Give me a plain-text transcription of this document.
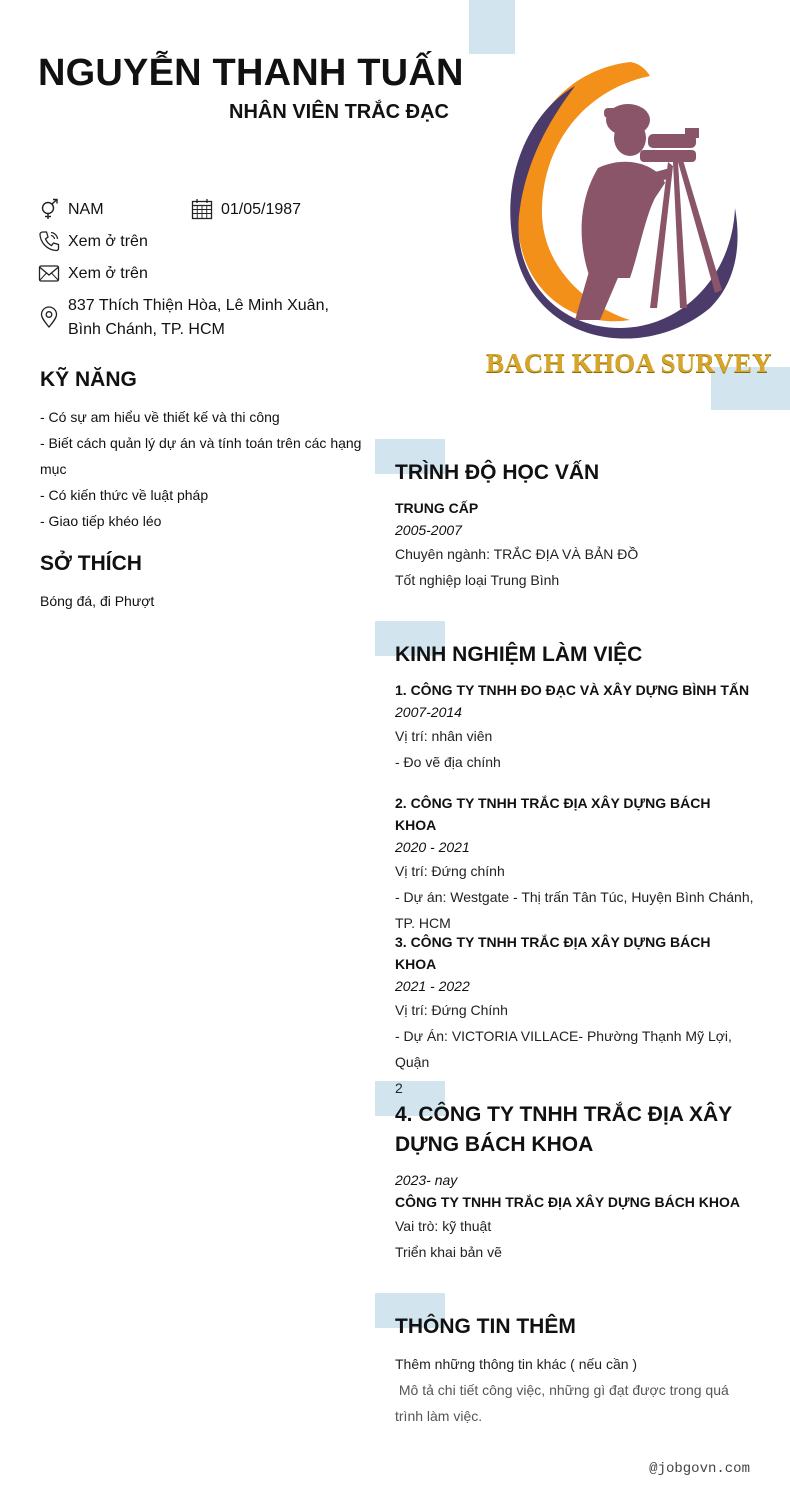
NGUYỄN THANH TUẤN
NHÂN VIÊN TRẮC ĐẠC
BACH KHOA SURVEY
NAM	01/05/1987
Xem ở trên
Xem ở trên
837 Thích Thiện Hòa, Lê Minh Xuân,
Bình Chánh, TP. HCM
KỸ NĂNG
- Có sự am hiểu về thiết kế và thi công
- Biết cách quản lý dự án và tính toán trên các hạng
mục
- Có kiến thức về luật pháp
- Giao tiếp khéo léo
SỞ THÍCH
Bóng đá, đi Phượt
TRÌNH ĐỘ HỌC VẤN
TRUNG CẤP
2005-2007
Chuyên ngành: TRẮC ĐỊA VÀ BẢN ĐỒ
Tốt nghiệp loại Trung Bình
KINH NGHIỆM LÀM VIỆC
1. CÔNG TY TNHH ĐO ĐẠC VÀ XÂY DỰNG BÌNH TẤN
2007-2014
Vị trí: nhân viên
- Đo vẽ địa chính
2. CÔNG TY TNHH TRẮC ĐỊA XÂY DỰNG BÁCH KHOA
2020 - 2021
Vị trí: Đứng chính
- Dự án: Westgate - Thị trấn Tân Túc, Huyện Bình Chánh,
TP. HCM
3. CÔNG TY TNHH TRẮC ĐỊA XÂY DỰNG BÁCH KHOA
2021 - 2022
Vị trí: Đứng Chính
- Dự Án: VICTORIA VILLACE- Phường Thạnh Mỹ Lợi, Quận
2
4. CÔNG TY TNHH TRẮC ĐỊA XÂY
DỰNG BÁCH KHOA
2023- nay
CÔNG TY TNHH TRẮC ĐỊA XÂY DỰNG BÁCH KHOA
Vai trò: kỹ thuật
Triển khai bản vẽ
THÔNG TIN THÊM
Thêm những thông tin khác ( nếu cần )
Mô tả chi tiết công việc, những gì đạt được trong quá
trình làm việc.
@jobgovn.com
